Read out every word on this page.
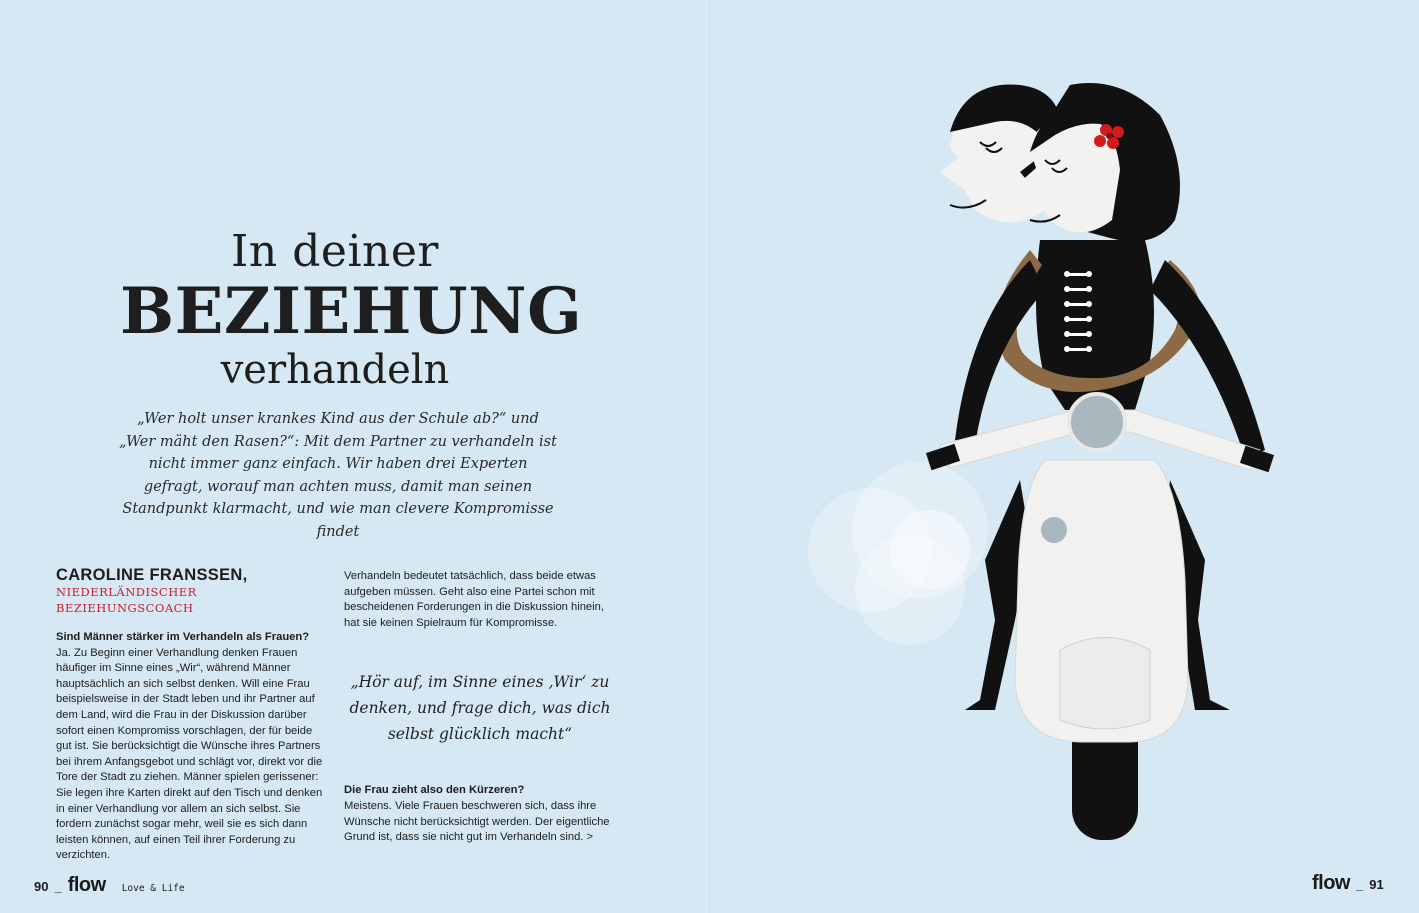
In deiner
BEZIEHUNG
verhandeln
„Wer holt unser krankes Kind aus der Schule ab?“ und „Wer mäht den Rasen?“: Mit dem Partner zu verhandeln ist nicht immer ganz einfach. Wir haben drei Experten gefragt, worauf man achten muss, damit man seinen Standpunkt klarmacht, und wie man clevere Kompromisse findet

CAROLINE FRANSSEN,

NIEDERLÄNDISCHER BEZIEHUNGSCOACH

Sind Männer stärker im Verhandeln als Frauen?

Ja. Zu Beginn einer Verhandlung denken Frauen häufiger im Sinne eines „Wir“, während Männer hauptsächlich an sich selbst denken. Will eine Frau beispielsweise in der Stadt leben und ihr Partner auf dem Land, wird die Frau in der Diskussion darüber sofort einen Kompromiss vorschlagen, der für beide gut ist. Sie berücksichtigt die Wünsche ihres Partners bei ihrem Anfangsgebot und schlägt vor, direkt vor die Tore der Stadt zu ziehen. Männer spielen gerissener: Sie legen ihre Karten direkt auf den Tisch und denken in einer Verhandlung vor allem an sich selbst. Sie fordern zunächst sogar mehr, weil sie es sich dann leisten können, auf einen Teil ihrer Forderung zu verzichten.

Verhandeln bedeutet tatsächlich, dass beide etwas aufgeben müssen. Geht also eine Partei schon mit bescheidenen Forderungen in die Diskussion hinein, hat sie keinen Spielraum für Kompromisse.

„Hör auf, im Sinne eines ‚Wir‘ zu denken, und frage dich, was dich selbst glücklich macht“

Die Frau zieht also den Kürzeren?

Meistens. Viele Frauen beschweren sich, dass ihre Wünsche nicht berücksichtigt werden. Der eigentliche Grund ist, dass sie nicht gut im Verhandeln sind. >

90 _ flow Love & Life	flow _ 91
